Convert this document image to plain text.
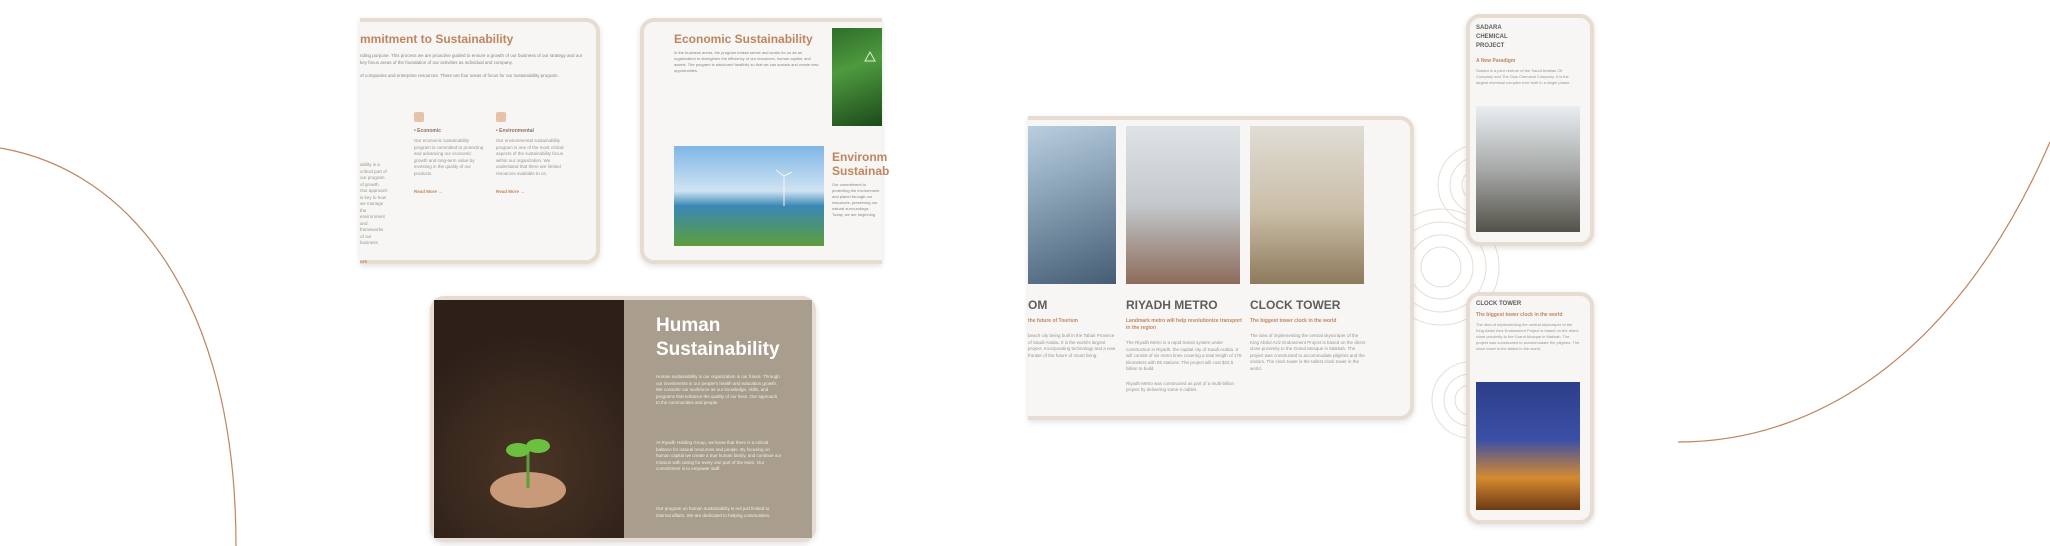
mmitment to Sustainability
nding purpose. This process we are proactive guided to ensure a growth of our business of our strategy and our key focus areas of the foundation of our activities as individual and company.
of companies and enterprise resources. There are four areas of focus for our sustainability program.
ability is a critical part of our program of growth. Our approach is key to how we manage the environment and frameworks of our business
ore
• Economic
Our economic sustainability program is committed to protecting and advancing our economic growth and long-term value by investing in the quality of our products.
Read More →
• Environmental
Our environmental sustainability program is one of the most critical aspects of the sustainability focus within our organization. We understand that there are limited resources available to us.
Read More →
Economic Sustainability
In the business arena, the program makes sense and works for us as an organization to strengthen the efficiency of our resources, human capital, and assets. The program is structured healthily so that we can sustain and create new opportunities.
Environm Sustainab
Our commitment to protecting the environment and planet through our resources, preserving our natural surroundings. Today, we are beginning
Human
Sustainability
Human sustainability is our organization is our future. Through our investments in our people's health and education growth. We consider our workforce as our knowledge, skills, and programs that enhance the quality of our lives. Our approach to the communities and people.
At Riyadh Holding Group, we know that there is a critical balance for natural resources and people. By focusing on human capital we create a true human family, and continue our mission with caring for every one part of the team. Our commitment is to empower staff.
Our program on human sustainability is not just limited to internal affairs. We are dedicated to helping communities.
OM
the future of Tourism
beach city being built in the Tabuk Province of Saudi Arabia. It is the world's largest project. Incorporating technology and a new frontier of the future of smart living.
RIYADH METRO
Landmark metro will help revolutionize transport in the region
The Riyadh Metro is a rapid transit system under construction in Riyadh, the capital city of Saudi Arabia. It will consist of six metro lines covering a total length of 176 kilometers with 85 stations. The project will cost $22.5 billion to build.
Riyadh Metro was constructed as part of a multi-billion project by delivering some 6 cables.
CLOCK TOWER
The biggest tower clock in the world
The idea of implementing the central skyscraper of the King Abdul Aziz Endowment Project is based on the direct close proximity to the Grand Mosque in Makkah. The project was constructed to accommodate pilgrims and the visitors. The clock tower is the tallest clock tower in the world.
SADARA
CHEMICAL
PROJECT
A New Paradigm
Sadara is a joint venture of the Saudi Arabian Oil Company and The Dow Chemical Company. It is the largest chemical complex ever built in a single phase.
CLOCK TOWER
The biggest tower clock in the world
The idea of implementing the central skyscraper of the King Abdul Aziz Endowment Project is based on the direct close proximity to the Grand Mosque in Makkah. The project was constructed to accommodate the pilgrims. The clock tower is the tallest in the world.
